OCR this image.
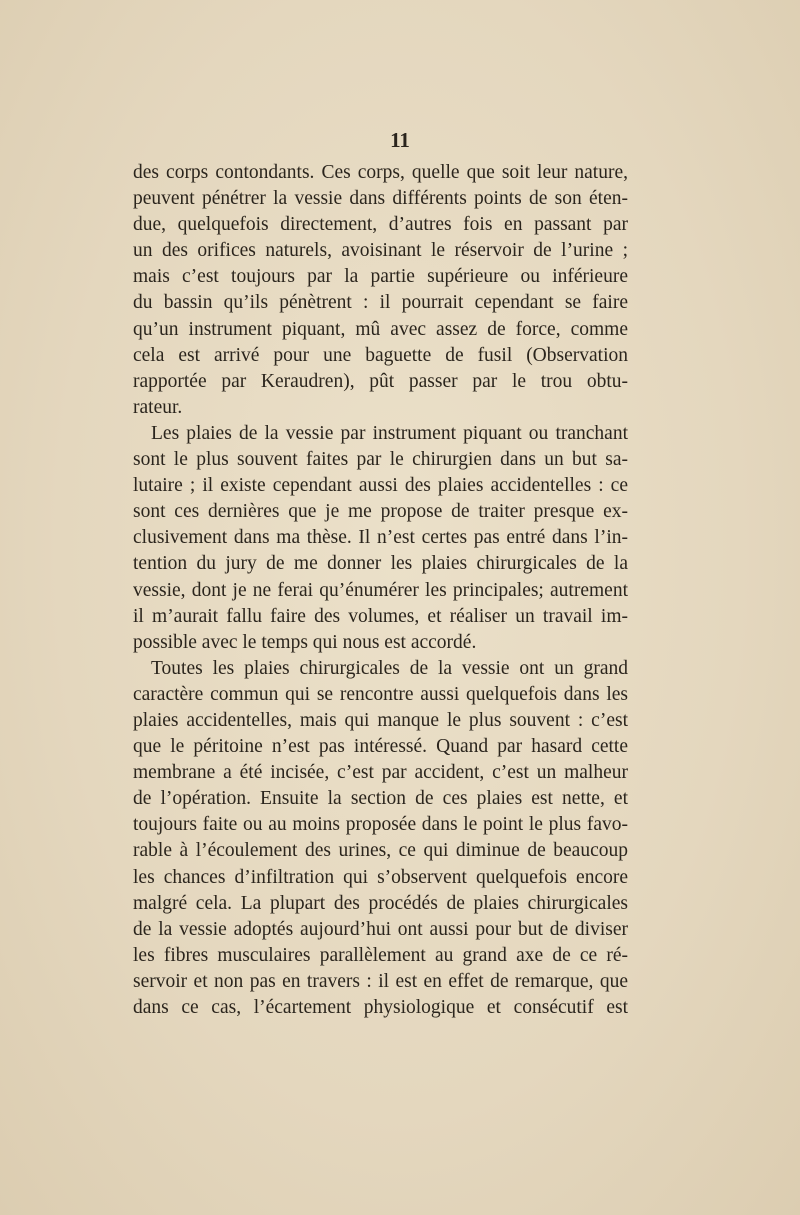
11
des corps contondants. Ces corps, quelle que soit leur nature,
peuvent pénétrer la vessie dans différents points de son éten-
due, quelquefois directement, d’autres fois en passant par
un des orifices naturels, avoisinant le réservoir de l’urine ;
mais c’est toujours par la partie supérieure ou inférieure
du bassin qu’ils pénètrent : il pourrait cependant se faire
qu’un instrument piquant, mû avec assez de force, comme
cela est arrivé pour une baguette de fusil (Observation
rapportée par Keraudren), pût passer par le trou obtu-
rateur.
Les plaies de la vessie par instrument piquant ou tranchant
sont le plus souvent faites par le chirurgien dans un but sa-
lutaire ; il existe cependant aussi des plaies accidentelles : ce
sont ces dernières que je me propose de traiter presque ex-
clusivement dans ma thèse. Il n’est certes pas entré dans l’in-
tention du jury de me donner les plaies chirurgicales de la
vessie, dont je ne ferai qu’énumérer les principales; autrement
il m’aurait fallu faire des volumes, et réaliser un travail im-
possible avec le temps qui nous est accordé.
Toutes les plaies chirurgicales de la vessie ont un grand
caractère commun qui se rencontre aussi quelquefois dans les
plaies accidentelles, mais qui manque le plus souvent : c’est
que le péritoine n’est pas intéressé. Quand par hasard cette
membrane a été incisée, c’est par accident, c’est un malheur
de l’opération. Ensuite la section de ces plaies est nette, et
toujours faite ou au moins proposée dans le point le plus favo-
rable à l’écoulement des urines, ce qui diminue de beaucoup
les chances d’infiltration qui s’observent quelquefois encore
malgré cela. La plupart des procédés de plaies chirurgicales
de la vessie adoptés aujourd’hui ont aussi pour but de diviser
les fibres musculaires parallèlement au grand axe de ce ré-
servoir et non pas en travers : il est en effet de remarque, que
dans ce cas, l’écartement physiologique et consécutif est
